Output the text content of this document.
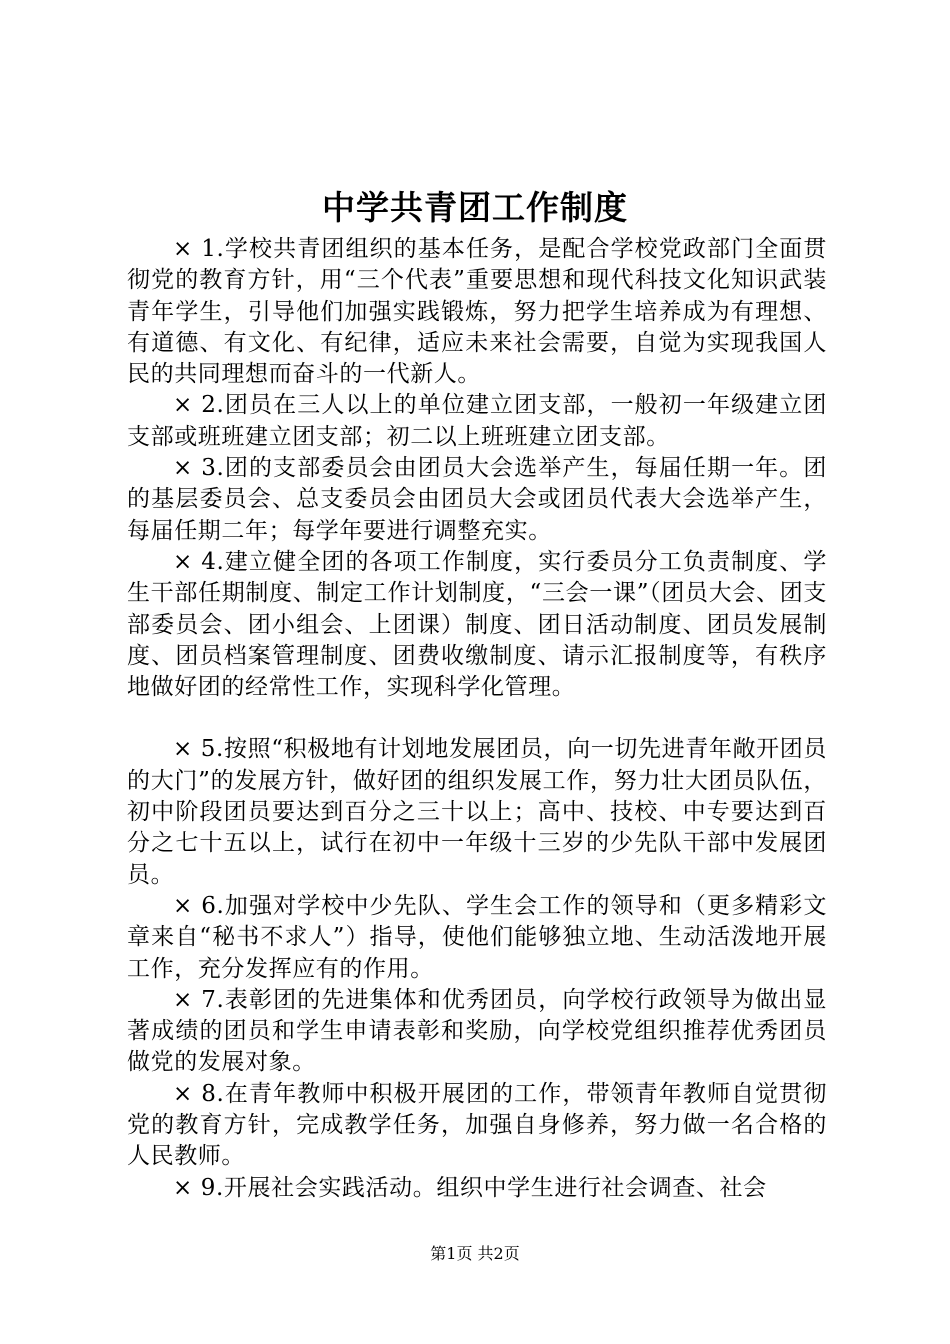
中学共青团工作制度

× 1.学校共青团组织的基本任务，是配合学校党政部门全面贯彻党的教育方针，用“三个代表”重要思想和现代科技文化知识武装青年学生，引导他们加强实践锻炼，努力把学生培养成为有理想、有道德、有文化、有纪律，适应未来社会需要，自觉为实现我国人民的共同理想而奋斗的一代新人。

× 2.团员在三人以上的单位建立团支部，一般初一年级建立团支部或班班建立团支部；初二以上班班建立团支部。

× 3.团的支部委员会由团员大会选举产生，每届任期一年。团的基层委员会、总支委员会由团员大会或团员代表大会选举产生，每届任期二年；每学年要进行调整充实。

× 4.建立健全团的各项工作制度，实行委员分工负责制度、学生干部任期制度、制定工作计划制度，“三会一课”（团员大会、团支部委员会、团小组会、上团课）制度、团日活动制度、团员发展制度、团员档案管理制度、团费收缴制度、请示汇报制度等，有秩序地做好团的经常性工作，实现科学化管理。

× 5.按照“积极地有计划地发展团员，向一切先进青年敞开团员的大门”的发展方针，做好团的组织发展工作，努力壮大团员队伍，初中阶段团员要达到百分之三十以上；高中、技校、中专要达到百分之七十五以上，试行在初中一年级十三岁的少先队干部中发展团员。

× 6.加强对学校中少先队、学生会工作的领导和（更多精彩文章来自“秘书不求人”）指导，使他们能够独立地、生动活泼地开展工作，充分发挥应有的作用。

× 7.表彰团的先进集体和优秀团员，向学校行政领导为做出显著成绩的团员和学生申请表彰和奖励，向学校党组织推荐优秀团员做党的发展对象。

× 8.在青年教师中积极开展团的工作，带领青年教师自觉贯彻党的教育方针，完成教学任务，加强自身修养，努力做一名合格的人民教师。

× 9.开展社会实践活动。组织中学生进行社会调查、社会

第1页 共2页
